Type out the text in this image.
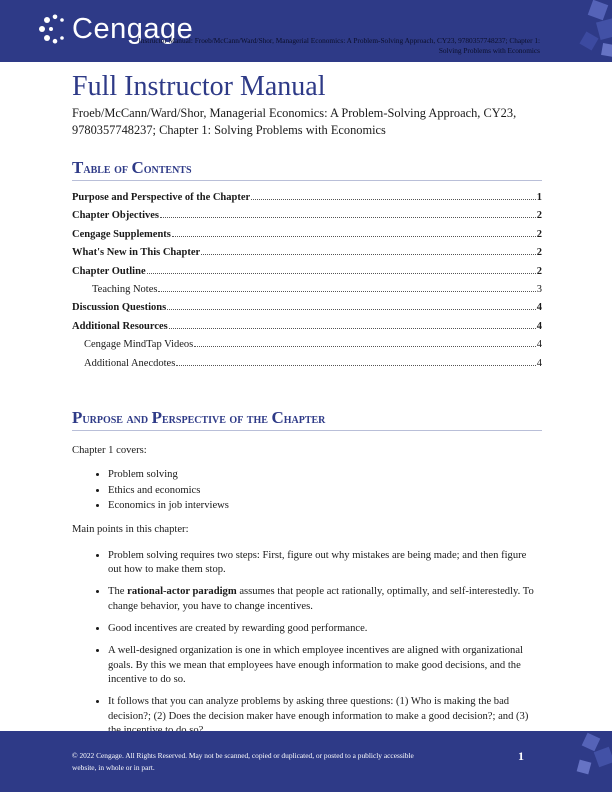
Cengage
Instructor Manual: Froeb/McCann/Ward/Shor, Managerial Economics: A Problem-Solving Approach, CY23, 9780357748237; Chapter 1:
Solving Problems with Economics
Full Instructor Manual

Froeb/McCann/Ward/Shor, Managerial Economics: A Problem-Solving Approach, CY23, 9780357748237; Chapter 1: Solving Problems with Economics

Table of Contents
Purpose and Perspective of the Chapter	1
Chapter Objectives	2
Cengage Supplements	2
What's New in This Chapter	2
Chapter Outline	2
Teaching Notes	3
Discussion Questions	4
Additional Resources	4
Cengage MindTap Videos	4
Additional Anecdotes	4
Purpose and Perspective of the Chapter

Chapter 1 covers:

• Problem solving
• Ethics and economics
• Economics in job interviews

Main points in this chapter:

• Problem solving requires two steps: First, figure out why mistakes are being made; and then figure out how to make them stop.
• The rational-actor paradigm assumes that people act rationally, optimally, and self-interestedly. To change behavior, you have to change incentives.
• Good incentives are created by rewarding good performance.
• A well-designed organization is one in which employee incentives are aligned with organizational goals. By this we mean that employees have enough information to make good decisions, and the incentive to do so.
• It follows that you can analyze problems by asking three questions: (1) Who is making the bad decision?; (2) Does the decision maker have enough information to make a good decision?; and (3)
© 2022 Cengage. All Rights Reserved. May not be scanned, copied or duplicated, or posted to a publicly accessible website, in whole or in part.
1
